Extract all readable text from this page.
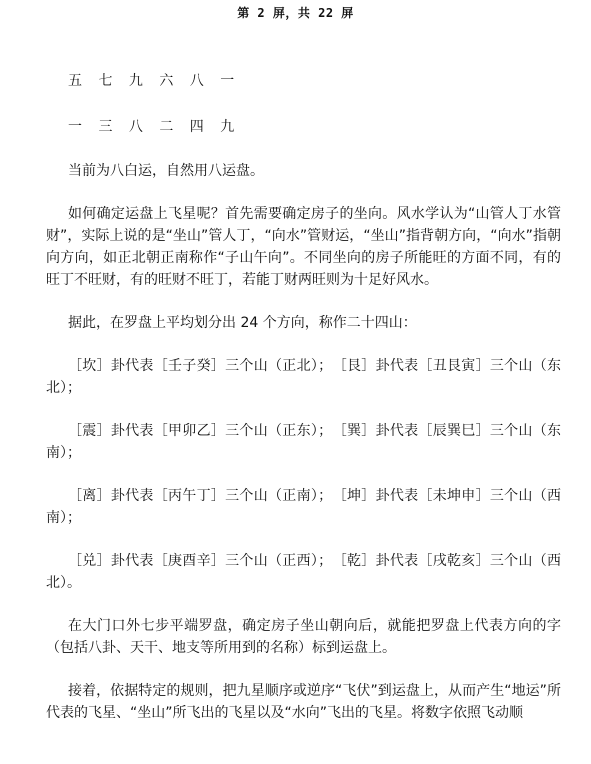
第 2 屏，共 22 屏

五 七 九 六 八 一

一 三 八 二 四 九

当前为八白运，自然用八运盘。

如何确定运盘上飞星呢？首先需要确定房子的坐向。风水学认为“山管人丁水管财”，实际上说的是“坐山”管人丁，“向水”管财运，“坐山”指背朝方向，“向水”指朝向方向，如正北朝正南称作“子山午向”。不同坐向的房子所能旺的方面不同，有的旺丁不旺财，有的旺财不旺丁，若能丁财两旺则为十足好风水。

据此，在罗盘上平均划分出 24 个方向，称作二十四山：

［坎］卦代表［壬子癸］三个山（正北）；　［艮］卦代表［丑艮寅］三个山（东北）；

［震］卦代表［甲卯乙］三个山（正东）；　［巽］卦代表［辰巽巳］三个山（东南）；

［离］卦代表［丙午丁］三个山（正南）；　［坤］卦代表［未坤申］三个山（西南）；

［兑］卦代表［庚酉辛］三个山（正西）；　［乾］卦代表［戌乾亥］三个山（西北）。

在大门口外七步平端罗盘，确定房子坐山朝向后，就能把罗盘上代表方向的字（包括八卦、天干、地支等所用到的名称）标到运盘上。

接着，依据特定的规则，把九星顺序或逆序“飞伏”到运盘上，从而产生“地运”所代表的飞星、“坐山”所飞出的飞星以及“水向”飞出的飞星。将数字依照飞动顺
